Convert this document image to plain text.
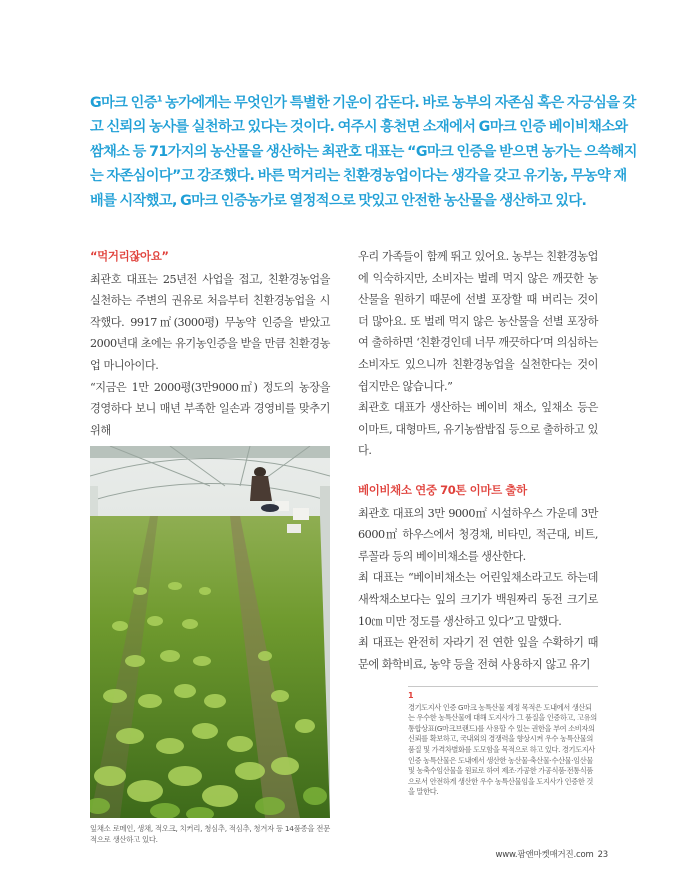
G마크 인증$^1$ 농가에게는 무엇인가 특별한 기운이 감돈다. 바로 농부의 자존심 혹은 자긍심을 갖고 신뢰의 농사를 실천하고 있다는 것이다. 여주시 흥천면 소재에서 G마크 인증 베이비채소와 쌈채소 등 71가지의 농산물을 생산하는 최관호 대표는 “G마크 인증을 받으면 농가는 으쓱해지는 자존심이다”고 강조했다. 바른 먹거리는 친환경농업이다는 생각을 갖고 유기농, 무농약 재배를 시작했고, G마크 인증농가로 열정적으로 맛있고 안전한 농산물을 생산하고 있다.

“먹거리잖아요”

최관호 대표는 25년전 사업을 접고, 친환경농업을 실천하는 주변의 권유로 처음부터 친환경농업을 시작했다. 9917㎡(3000평) 무농약 인증을 받았고 2000년대 초에는 유기농인증을 받을 만큼 친환경농업 마니아이다.

“지금은 1만 2000평(3만9000㎡) 정도의 농장을 경영하다 보니 매년 부족한 일손과 경영비를 맞추기 위해

잎채소 로메인, 생채, 적오크, 치커리, 청심추, 적심추, 청겨자 등 14품종을 전문적으로 생산하고 있다.

우리 가족들이 함께 뛰고 있어요. 농부는 친환경농업에 익숙하지만, 소비자는 벌레 먹지 않은 깨끗한 농산물을 원하기 때문에 선별 포장할 때 버리는 것이 더 많아요. 또 벌레 먹지 않은 농산물을 선별 포장하여 출하하면 ‘친환경인데 너무 깨끗하다’며 의심하는 소비자도 있으니까 친환경농업을 실천한다는 것이 쉽지만은 않습니다.”

최관호 대표가 생산하는 베이비 채소, 잎채소 등은 이마트, 대형마트, 유기농쌈밥집 등으로 출하하고 있다.

베이비채소 연중 70톤 이마트 출하

최관호 대표의 3만 9000㎡ 시설하우스 가운데 3만 6000㎡ 하우스에서 청경채, 비타민, 적근대, 비트, 루꼴라 등의 베이비채소를 생산한다.

최 대표는 “베이비채소는 어린잎채소라고도 하는데 새싹채소보다는 잎의 크기가 백원짜리 동전 크기로 10㎝ 미만 정도를 생산하고 있다”고 말했다.

최 대표는 완전히 자라기 전 연한 잎을 수확하기 때문에 화학비료, 농약 등을 전혀 사용하지 않고 유기

1
경기도지사 인증 G마크 농특산물 제정 목적은 도내에서 생산되는 우수한 농특산물에 대해 도지사가 그 품질을 인증하고, 고유의 통합상표(G마크브랜드)를 사용할 수 있는 권한을 부여 소비자의 신뢰를 확보하고, 국내외의 경쟁력을 향상시켜 우수 농특산물의 품질 및 가격차별화를 도모함을 목적으로 하고 있다. 경기도지사 인증 농특산물은 도내에서 생산한 농산물·축산물·수산물·임산물 및 농축수임산물을 원료로 하여 제조·가공한 가공식품·전통식품으로서 안전하게 생산한 우수 농특산물임을 도지사가 인증한 것을 말한다.
www.팜앤마켓매거진.com 23
